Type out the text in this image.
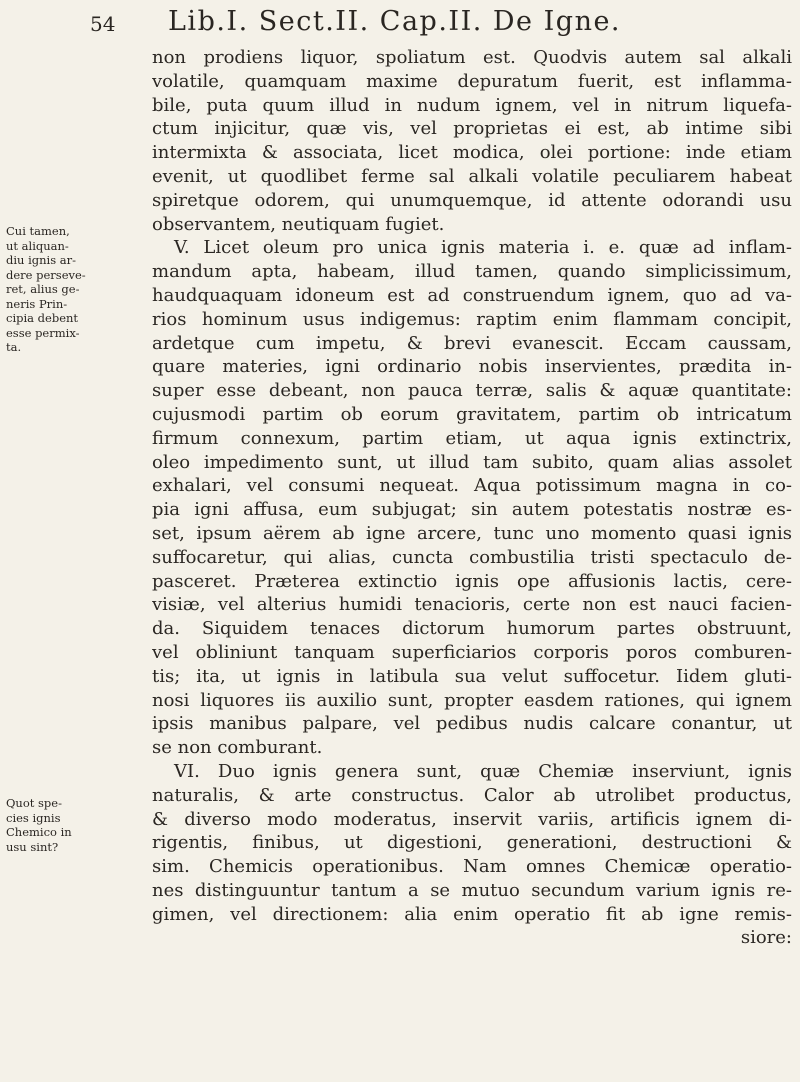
54 Lib.I. Sect.II. Cap.II. De Igne.
Cui tamen,
ut aliquan-
diu ignis ar-
dere perseve-
ret, alius ge-
neris Prin-
cipia debent
esse permix-
ta.
Quot spe-
cies ignis
Chemico in
usu sint?
non prodiens liquor, spoliatum est. Quodvis autem sal alkali
volatile, quamquam maxime depuratum fuerit, est inflamma-
bile, puta quum illud in nudum ignem, vel in nitrum liquefa-
ctum injicitur, quæ vis, vel proprietas ei est, ab intime sibi
intermixta & associata, licet modica, olei portione: inde etiam
evenit, ut quodlibet ferme sal alkali volatile peculiarem habeat
spiretque odorem, qui unumquemque, id attente odorandi usu
observantem, neutiquam fugiet.
V. Licet oleum pro unica ignis materia i. e. quæ ad inflam-
mandum apta, habeam, illud tamen, quando simplicissimum,
haudquaquam idoneum est ad construendum ignem, quo ad va-
rios hominum usus indigemus: raptim enim flammam concipit,
ardetque cum impetu, & brevi evanescit. Eccam caussam,
quare materies, igni ordinario nobis inservientes, prædita in-
super esse debeant, non pauca terræ, salis & aquæ quantitate:
cujusmodi partim ob eorum gravitatem, partim ob intricatum
firmum connexum, partim etiam, ut aqua ignis extinctrix,
oleo impedimento sunt, ut illud tam subito, quam alias assolet
exhalari, vel consumi nequeat. Aqua potissimum magna in co-
pia igni affusa, eum subjugat; sin autem potestatis nostræ es-
set, ipsum aërem ab igne arcere, tunc uno momento quasi ignis
suffocaretur, qui alias, cuncta combustilia tristi spectaculo de-
pasceret. Præterea extinctio ignis ope affusionis lactis, cere-
visiæ, vel alterius humidi tenacioris, certe non est nauci facien-
da. Siquidem tenaces dictorum humorum partes obstruunt,
vel obliniunt tanquam superficiarios corporis poros comburen-
tis; ita, ut ignis in latibula sua velut suffocetur. Iidem gluti-
nosi liquores iis auxilio sunt, propter easdem rationes, qui ignem
ipsis manibus palpare, vel pedibus nudis calcare conantur, ut
se non comburant.
VI. Duo ignis genera sunt, quæ Chemiæ inserviunt, ignis
naturalis, & arte constructus. Calor ab utrolibet productus,
& diverso modo moderatus, inservit variis, artificis ignem di-
rigentis, finibus, ut digestioni, generationi, destructioni &
sim. Chemicis operationibus. Nam omnes Chemicæ operatio-
nes distinguuntur tantum a se mutuo secundum varium ignis re-
gimen, vel directionem: alia enim operatio fit ab igne remis-
siore:
